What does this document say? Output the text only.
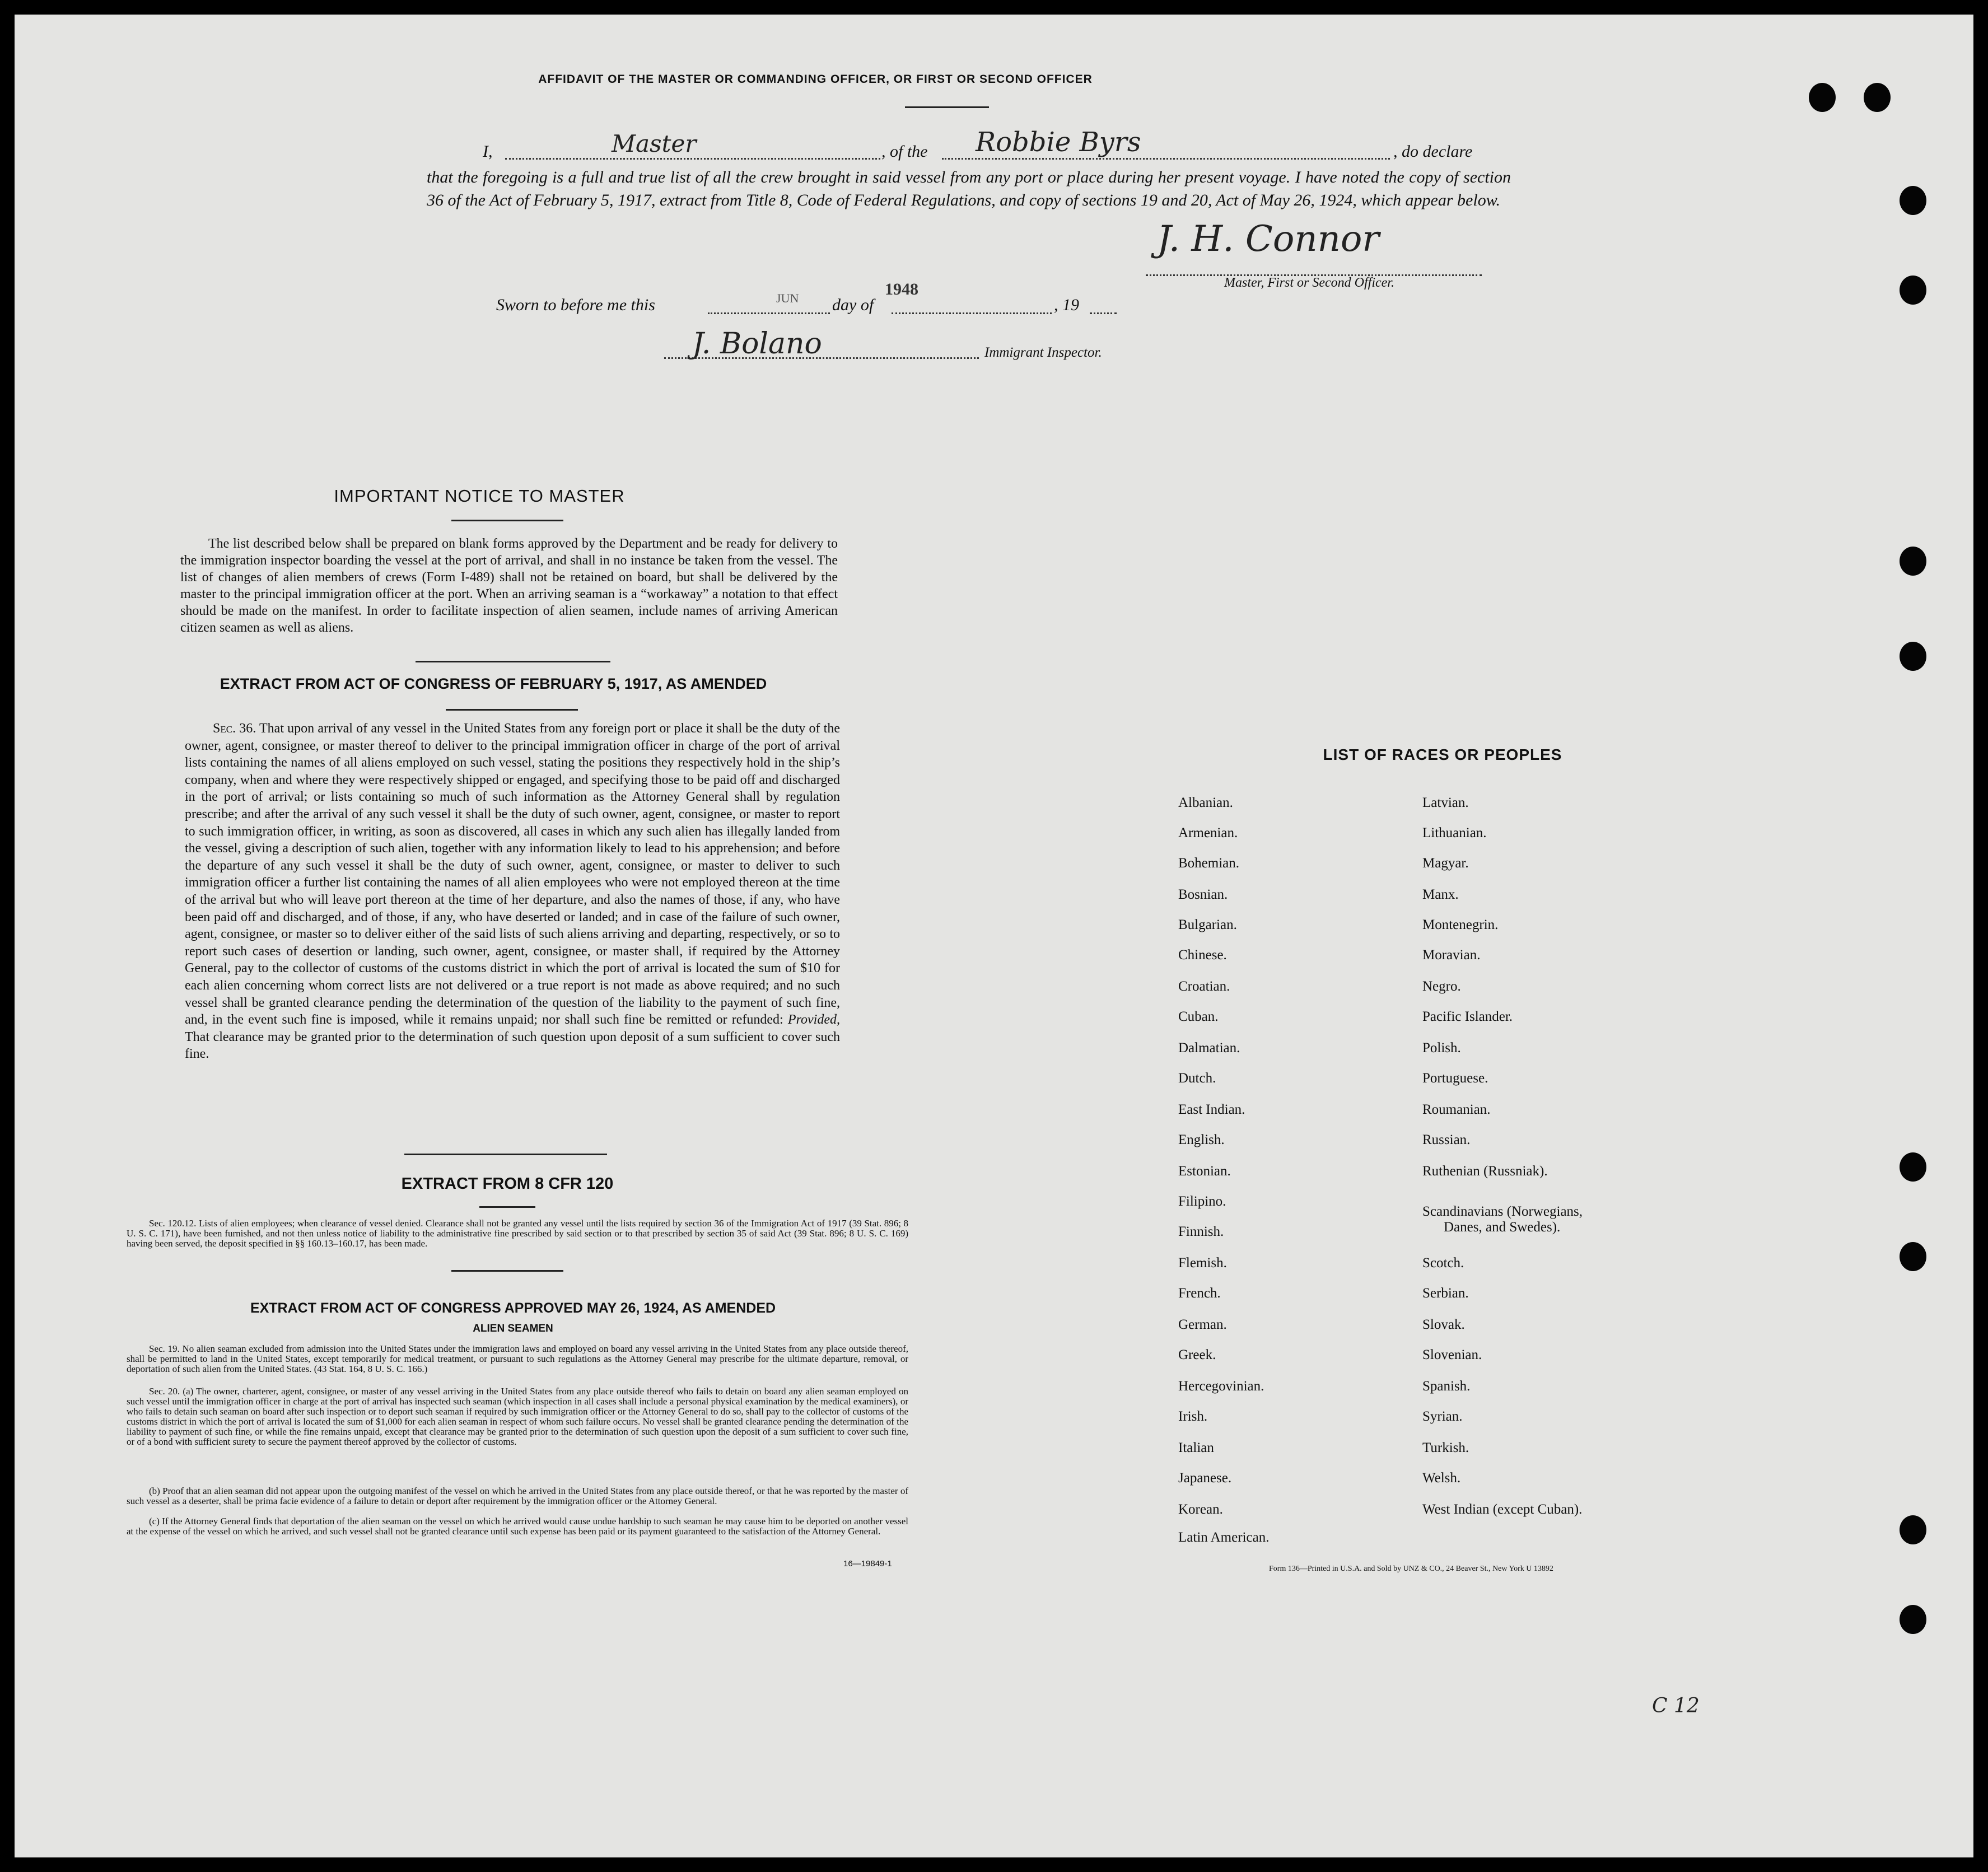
AFFIDAVIT OF THE MASTER OR COMMANDING OFFICER, OR FIRST OR SECOND OFFICER
I,	Master	, of the Robbie Byrs	, do declare
that the foregoing is a full and true list of all the crew brought in said vessel from any port or place during her present voyage. I have noted the copy of section 36 of the Act of February 5, 1917, extract from Title 8, Code of Federal Regulations, and copy of sections 19 and 20, Act of May 26, 1924, which appear below.
J. H. Connor
Master, First or Second Officer.
Sworn to before me this	JUN	1948
day of	, 19
J. Bolano	Immigrant Inspector.
IMPORTANT NOTICE TO MASTER
The list described below shall be prepared on blank forms approved by the Department and be ready for delivery to the immigration inspector boarding the vessel at the port of arrival, and shall in no instance be taken from the vessel. The list of changes of alien members of crews (Form I-489) shall not be retained on board, but shall be delivered by the master to the principal immigration officer at the port. When an arriving seaman is a “workaway” a notation to that effect should be made on the manifest. In order to facilitate inspection of alien seamen, include names of arriving American citizen seamen as well as aliens.
EXTRACT FROM ACT OF CONGRESS OF FEBRUARY 5, 1917, AS AMENDED
Sec. 36. That upon arrival of any vessel in the United States from any foreign port or place it shall be the duty of the owner, agent, consignee, or master thereof to deliver to the principal immigration officer in charge of the port of arrival lists containing the names of all aliens employed on such vessel, stating the positions they respectively hold in the ship’s company, when and where they were respectively shipped or engaged, and specifying those to be paid off and discharged in the port of arrival; or lists containing so much of such information as the Attorney General shall by regulation prescribe; and after the arrival of any such vessel it shall be the duty of such owner, agent, consignee, or master to report to such immigration officer, in writing, as soon as discovered, all cases in which any such alien has illegally landed from the vessel, giving a description of such alien, together with any information likely to lead to his apprehension; and before the departure of any such vessel it shall be the duty of such owner, agent, consignee, or master to deliver to such immigration officer a further list containing the names of all alien employees who were not employed thereon at the time of the arrival but who will leave port thereon at the time of her departure, and also the names of those, if any, who have been paid off and discharged, and of those, if any, who have deserted or landed; and in case of the failure of such owner, agent, consignee, or master so to deliver either of the said lists of such aliens arriving and departing, respectively, or so to report such cases of desertion or landing, such owner, agent, consignee, or master shall, if required by the Attorney General, pay to the collector of customs of the customs district in which the port of arrival is located the sum of $10 for each alien concerning whom correct lists are not delivered or a true report is not made as above required; and no such vessel shall be granted clearance pending the determination of the question of the liability to the payment of such fine, and, in the event such fine is imposed, while it remains unpaid; nor shall such fine be remitted or refunded: Provided, That clearance may be granted prior to the determination of such question upon deposit of a sum sufficient to cover such fine.
EXTRACT FROM 8 CFR 120
Sec. 120.12. Lists of alien employees; when clearance of vessel denied. Clearance shall not be granted any vessel until the lists required by section 36 of the Immigration Act of 1917 (39 Stat. 896; 8 U. S. C. 171), have been furnished, and not then unless notice of liability to the administrative fine prescribed by said section or to that prescribed by section 35 of said Act (39 Stat. 896; 8 U. S. C. 169) having been served, the deposit specified in §§ 160.13–160.17, has been made.
EXTRACT FROM ACT OF CONGRESS APPROVED MAY 26, 1924, AS AMENDED
ALIEN SEAMEN
Sec. 19. No alien seaman excluded from admission into the United States under the immigration laws and employed on board any vessel arriving in the United States from any place outside thereof, shall be permitted to land in the United States, except temporarily for medical treatment, or pursuant to such regulations as the Attorney General may prescribe for the ultimate departure, removal, or deportation of such alien from the United States. (43 Stat. 164, 8 U. S. C. 166.)
Sec. 20. (a) The owner, charterer, agent, consignee, or master of any vessel arriving in the United States from any place outside thereof who fails to detain on board any alien seaman employed on such vessel until the immigration officer in charge at the port of arrival has inspected such seaman (which inspection in all cases shall include a personal physical examination by the medical examiners), or who fails to detain such seaman on board after such inspection or to deport such seaman if required by such immigration officer or the Attorney General to do so, shall pay to the collector of customs of the customs district in which the port of arrival is located the sum of $1,000 for each alien seaman in respect of whom such failure occurs. No vessel shall be granted clearance pending the determination of the liability to payment of such fine, or while the fine remains unpaid, except that clearance may be granted prior to the determination of such question upon the deposit of a sum sufficient to cover such fine, or of a bond with sufficient surety to secure the payment thereof approved by the collector of customs.
(b) Proof that an alien seaman did not appear upon the outgoing manifest of the vessel on which he arrived in the United States from any place outside thereof, or that he was reported by the master of such vessel as a deserter, shall be prima facie evidence of a failure to detain or deport after requirement by the immigration officer or the Attorney General.
(c) If the Attorney General finds that deportation of the alien seaman on the vessel on which he arrived would cause undue hardship to such seaman he may cause him to be deported on another vessel at the expense of the vessel on which he arrived, and such vessel shall not be granted clearance until such expense has been paid or its payment guaranteed to the satisfaction of the Attorney General.
16—19849-1
LIST OF RACES OR PEOPLES
Albanian.
Armenian.
Bohemian.
Bosnian.
Bulgarian.
Chinese.
Croatian.
Cuban.
Dalmatian.
Dutch.
East Indian.
English.
Estonian.
Filipino.
Finnish.
Flemish.
French.
German.
Greek.
Hercegovinian.
Irish.
Italian
Japanese.
Korean.
Latin American.
Latvian.
Lithuanian.
Magyar.
Manx.
Montenegrin.
Moravian.
Negro.
Pacific Islander.
Polish.
Portuguese.
Roumanian.
Russian.
Ruthenian (Russniak).
Scandinavians (Norwegians,
Danes, and Swedes).
Scotch.
Serbian.
Slovak.
Slovenian.
Spanish.
Syrian.
Turkish.
Welsh.
West Indian (except Cuban).
Form 136—Printed in U.S.A. and Sold by UNZ & CO., 24 Beaver St., New York U 13892
C 12
